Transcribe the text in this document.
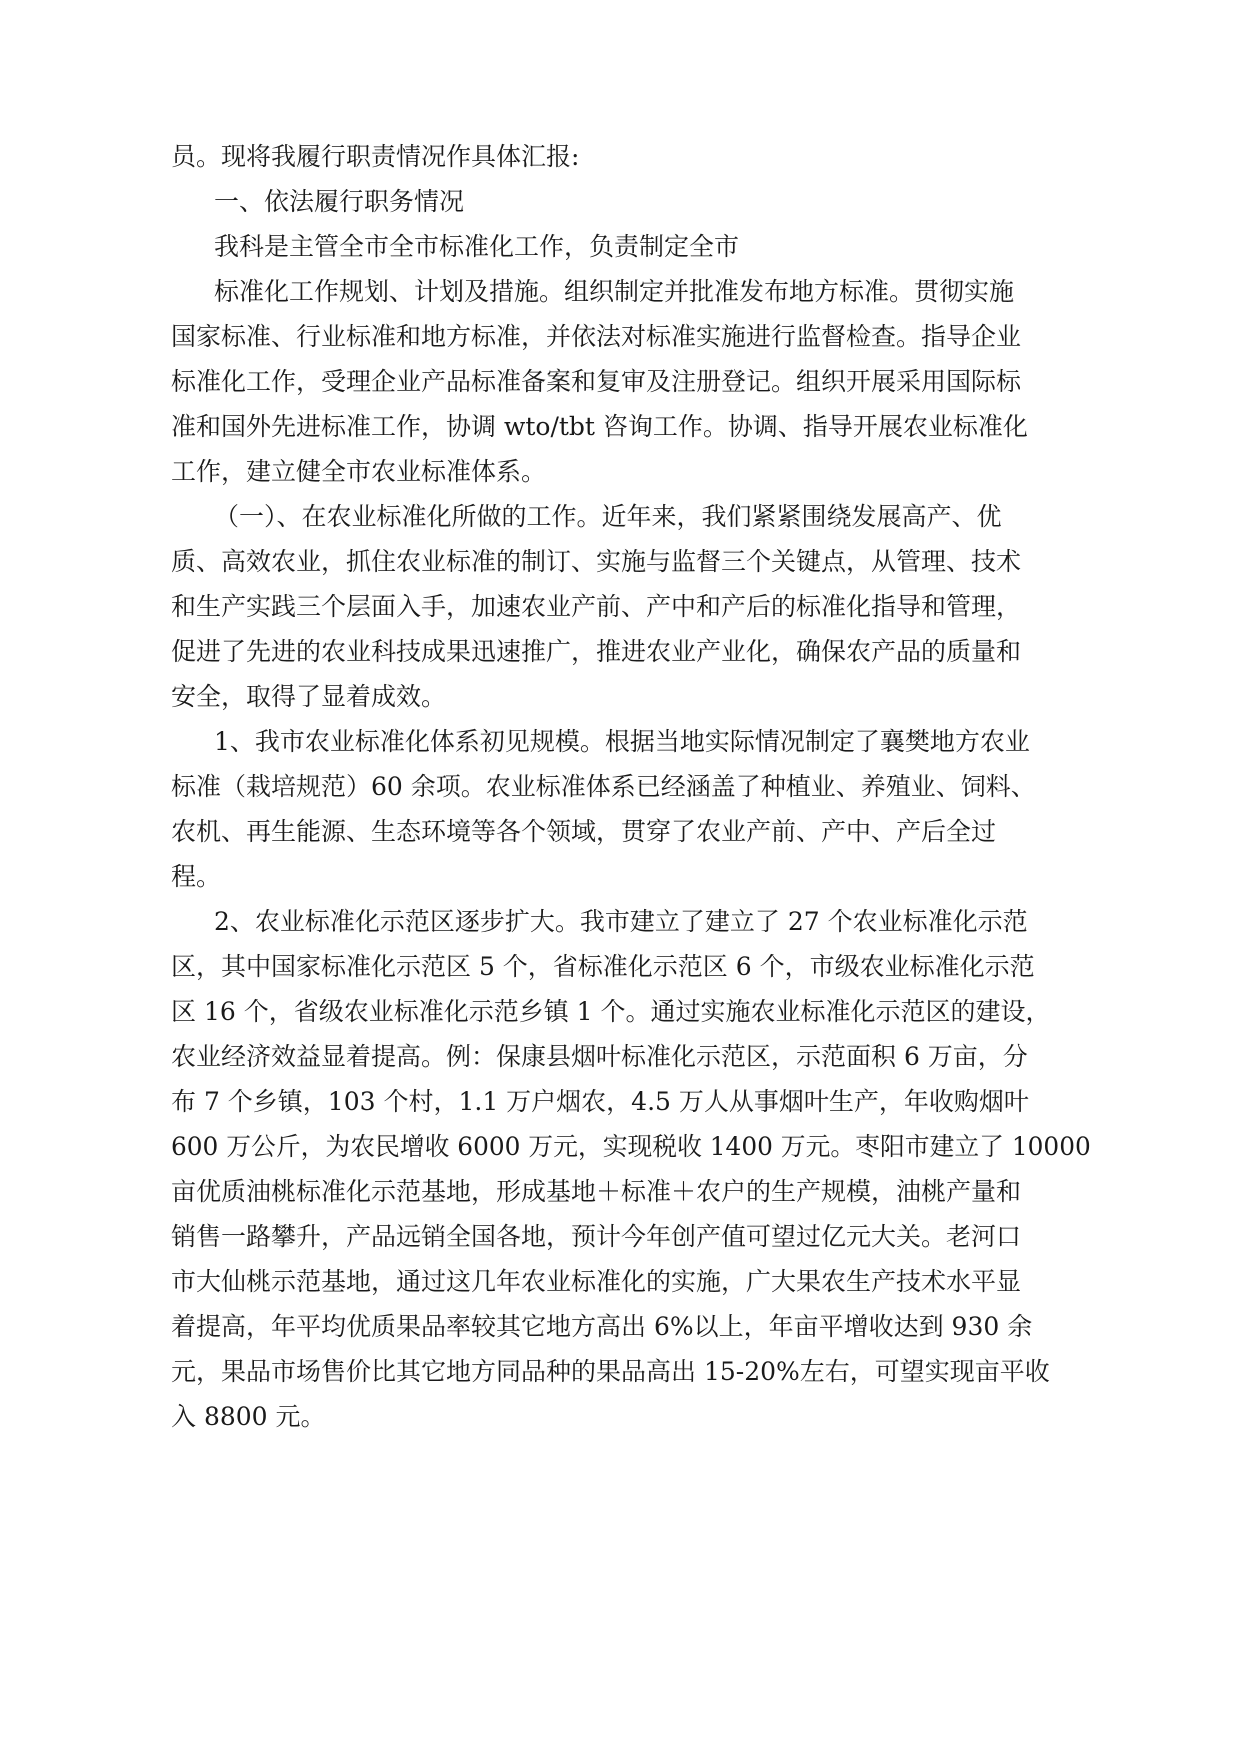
员。现将我履行职责情况作具体汇报:
一、依法履行职务情况
我科是主管全市全市标准化工作，负责制定全市
标准化工作规划、计划及措施。组织制定并批准发布地方标准。贯彻实施
国家标准、行业标准和地方标准，并依法对标准实施进行监督检查。指导企业
标准化工作，受理企业产品标准备案和复审及注册登记。组织开展采用国际标
准和国外先进标准工作，协调 wto/tbt 咨询工作。协调、指导开展农业标准化
工作，建立健全市农业标准体系。
（一）、在农业标准化所做的工作。近年来，我们紧紧围绕发展高产、优
质、高效农业，抓住农业标准的制订、实施与监督三个关键点，从管理、技术
和生产实践三个层面入手，加速农业产前、产中和产后的标准化指导和管理，
促进了先进的农业科技成果迅速推广，推进农业产业化，确保农产品的质量和
安全，取得了显着成效。
1、我市农业标准化体系初见规模。根据当地实际情况制定了襄樊地方农业
标准（栽培规范）60 余项。农业标准体系已经涵盖了种植业、养殖业、饲料、
农机、再生能源、生态环境等各个领域，贯穿了农业产前、产中、产后全过
程。
2、农业标准化示范区逐步扩大。我市建立了建立了 27 个农业标准化示范
区，其中国家标准化示范区 5 个，省标准化示范区 6 个，市级农业标准化示范
区 16 个，省级农业标准化示范乡镇 1 个。通过实施农业标准化示范区的建设，
农业经济效益显着提高。例：保康县烟叶标准化示范区，示范面积 6 万亩，分
布 7 个乡镇，103 个村，1.1 万户烟农，4.5 万人从事烟叶生产，年收购烟叶
600 万公斤，为农民增收 6000 万元，实现税收 1400 万元。枣阳市建立了 10000
亩优质油桃标准化示范基地，形成基地＋标准＋农户的生产规模，油桃产量和
销售一路攀升，产品远销全国各地，预计今年创产值可望过亿元大关。老河口
市大仙桃示范基地，通过这几年农业标准化的实施，广大果农生产技术水平显
着提高，年平均优质果品率较其它地方高出 6%以上，年亩平增收达到 930 余
元，果品市场售价比其它地方同品种的果品高出 15-20%左右，可望实现亩平收
入 8800 元。
